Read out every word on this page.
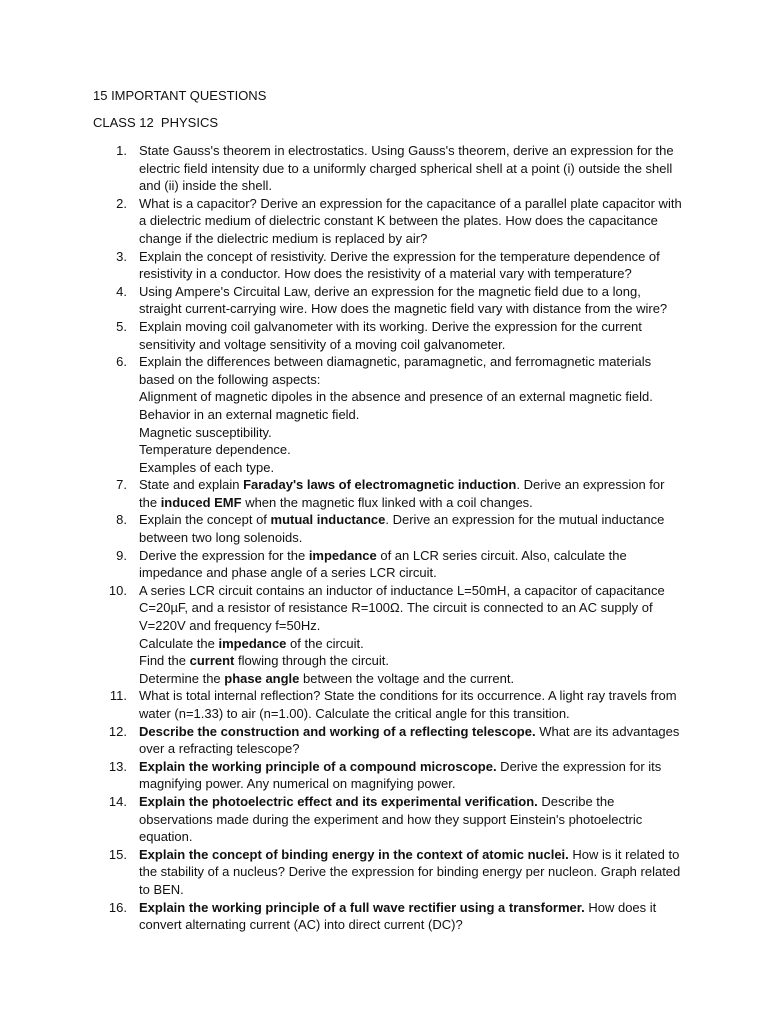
15 IMPORTANT QUESTIONS
CLASS 12  PHYSICS
1. State Gauss's theorem in electrostatics. Using Gauss's theorem, derive an expression for the electric field intensity due to a uniformly charged spherical shell at a point (i) outside the shell and (ii) inside the shell.
2. What is a capacitor? Derive an expression for the capacitance of a parallel plate capacitor with a dielectric medium of dielectric constant K between the plates. How does the capacitance change if the dielectric medium is replaced by air?
3. Explain the concept of resistivity. Derive the expression for the temperature dependence of resistivity in a conductor. How does the resistivity of a material vary with temperature?
4. Using Ampere's Circuital Law, derive an expression for the magnetic field due to a long, straight current-carrying wire. How does the magnetic field vary with distance from the wire?
5. Explain moving coil galvanometer with its working. Derive the expression for the current sensitivity and voltage sensitivity of a moving coil galvanometer.
6. Explain the differences between diamagnetic, paramagnetic, and ferromagnetic materials based on the following aspects:
Alignment of magnetic dipoles in the absence and presence of an external magnetic field.
Behavior in an external magnetic field.
Magnetic susceptibility.
Temperature dependence.
Examples of each type.
7. State and explain Faraday's laws of electromagnetic induction. Derive an expression for the induced EMF when the magnetic flux linked with a coil changes.
8. Explain the concept of mutual inductance. Derive an expression for the mutual inductance between two long solenoids.
9. Derive the expression for the impedance of an LCR series circuit. Also, calculate the impedance and phase angle of a series LCR circuit.
10. A series LCR circuit contains an inductor of inductance L=50mH, a capacitor of capacitance C=20µF, and a resistor of resistance R=100Ω. The circuit is connected to an AC supply of V=220V and frequency f=50Hz.
Calculate the impedance of the circuit.
Find the current flowing through the circuit.
Determine the phase angle between the voltage and the current.
11. What is total internal reflection? State the conditions for its occurrence. A light ray travels from water (n=1.33) to air (n=1.00). Calculate the critical angle for this transition.
12. Describe the construction and working of a reflecting telescope. What are its advantages over a refracting telescope?
13. Explain the working principle of a compound microscope. Derive the expression for its magnifying power. Any numerical on magnifying power.
14. Explain the photoelectric effect and its experimental verification. Describe the observations made during the experiment and how they support Einstein's photoelectric equation.
15. Explain the concept of binding energy in the context of atomic nuclei. How is it related to the stability of a nucleus? Derive the expression for binding energy per nucleon. Graph related to BEN.
16. Explain the working principle of a full wave rectifier using a transformer. How does it convert alternating current (AC) into direct current (DC)?
